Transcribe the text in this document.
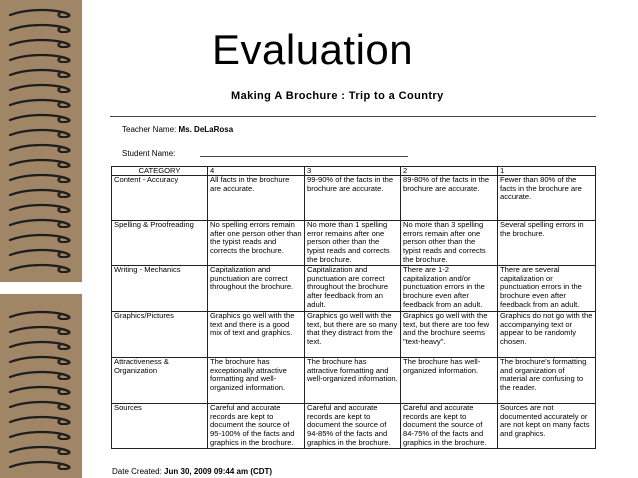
Evaluation
Making A Brochure : Trip to a Country
Teacher Name: Ms. DeLaRosa
Student Name:
CATEGORY	4	3	2	1

Content - Accuracy	All facts in the brochure are accurate.	99-90% of the facts in the brochure are accurate.	89-80% of the facts in the brochure are accurate.	Fewer than 80% of the facts in the brochure are accurate.

Spelling & Proofreading	No spelling errors remain after one person other than the typist reads and corrects the brochure.	No more than 1 spelling error remains after one person other than the typist reads and corrects the brochure.	No more than 3 spelling errors remain after one person other than the typist reads and corrects the brochure.	Several spelling errors in the brochure.

Writing - Mechanics	Capitalization and punctuation are correct throughout the brochure.	Capitalization and punctuation are correct throughout the brochure after feedback from an adult.	There are 1-2 capitalization and/or punctuation errors in the brochure even after feedback from an adult.	There are several capitalization or punctuation errors in the brochure even after feedback from an adult.

Graphics/Pictures	Graphics go well with the text and there is a good mix of text and graphics.	Graphics go well with the text, but there are so many that they distract from the text.	Graphics go well with the text, but there are too few and the brochure seems "text-heavy".	Graphics do not go with the accompanying text or appear to be randomly chosen.

Attractiveness & Organization	The brochure has exceptionally attractive formatting and well-organized information.	The brochure has attractive formatting and well-organized information.	The brochure has well-organized information.	The brochure's formatting and organization of material are confusing to the reader.

Sources	Careful and accurate records are kept to document the source of 95-100% of the facts and graphics in the brochure.	Careful and accurate records are kept to document the source of 94-85% of the facts and graphics in the brochure.	Careful and accurate records are kept to document the source of 84-75% of the facts and graphics in the brochure.	Sources are not documented accurately or are not kept on many facts and graphics.
Date Created: Jun 30, 2009 09:44 am (CDT)
